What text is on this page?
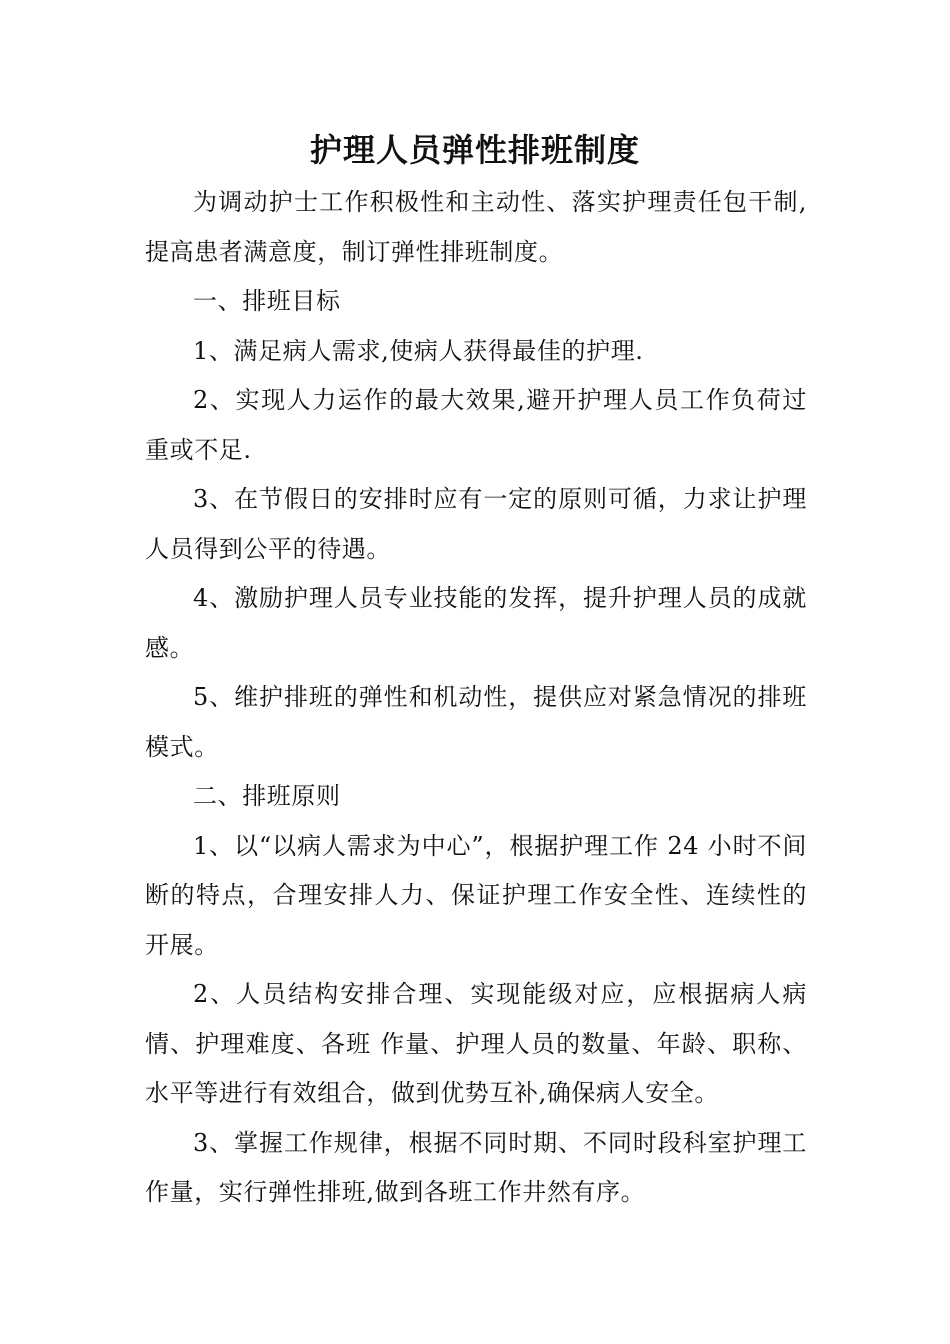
护理人员弹性排班制度

为调动护士工作积极性和主动性、落实护理责任包干制,提高患者满意度，制订弹性排班制度。

一、排班目标

1、满足病人需求,使病人获得最佳的护理.

2、实现人力运作的最大效果,避开护理人员工作负荷过重或不足.

3、在节假日的安排时应有一定的原则可循，力求让护理人员得到公平的待遇。

4、激励护理人员专业技能的发挥，提升护理人员的成就感。

5、维护排班的弹性和机动性，提供应对紧急情况的排班模式。

二、排班原则

1、以“以病人需求为中心”，根据护理工作 24 小时不间断的特点，合理安排人力、保证护理工作安全性、连续性的开展。

2、人员结构安排合理、实现能级对应，应根据病人病情、护理难度、各班 作量、护理人员的数量、年龄、职称、水平等进行有效组合，做到优势互补,确保病人安全。

3、掌握工作规律，根据不同时期、不同时段科室护理工作量，实行弹性排班,做到各班工作井然有序。
